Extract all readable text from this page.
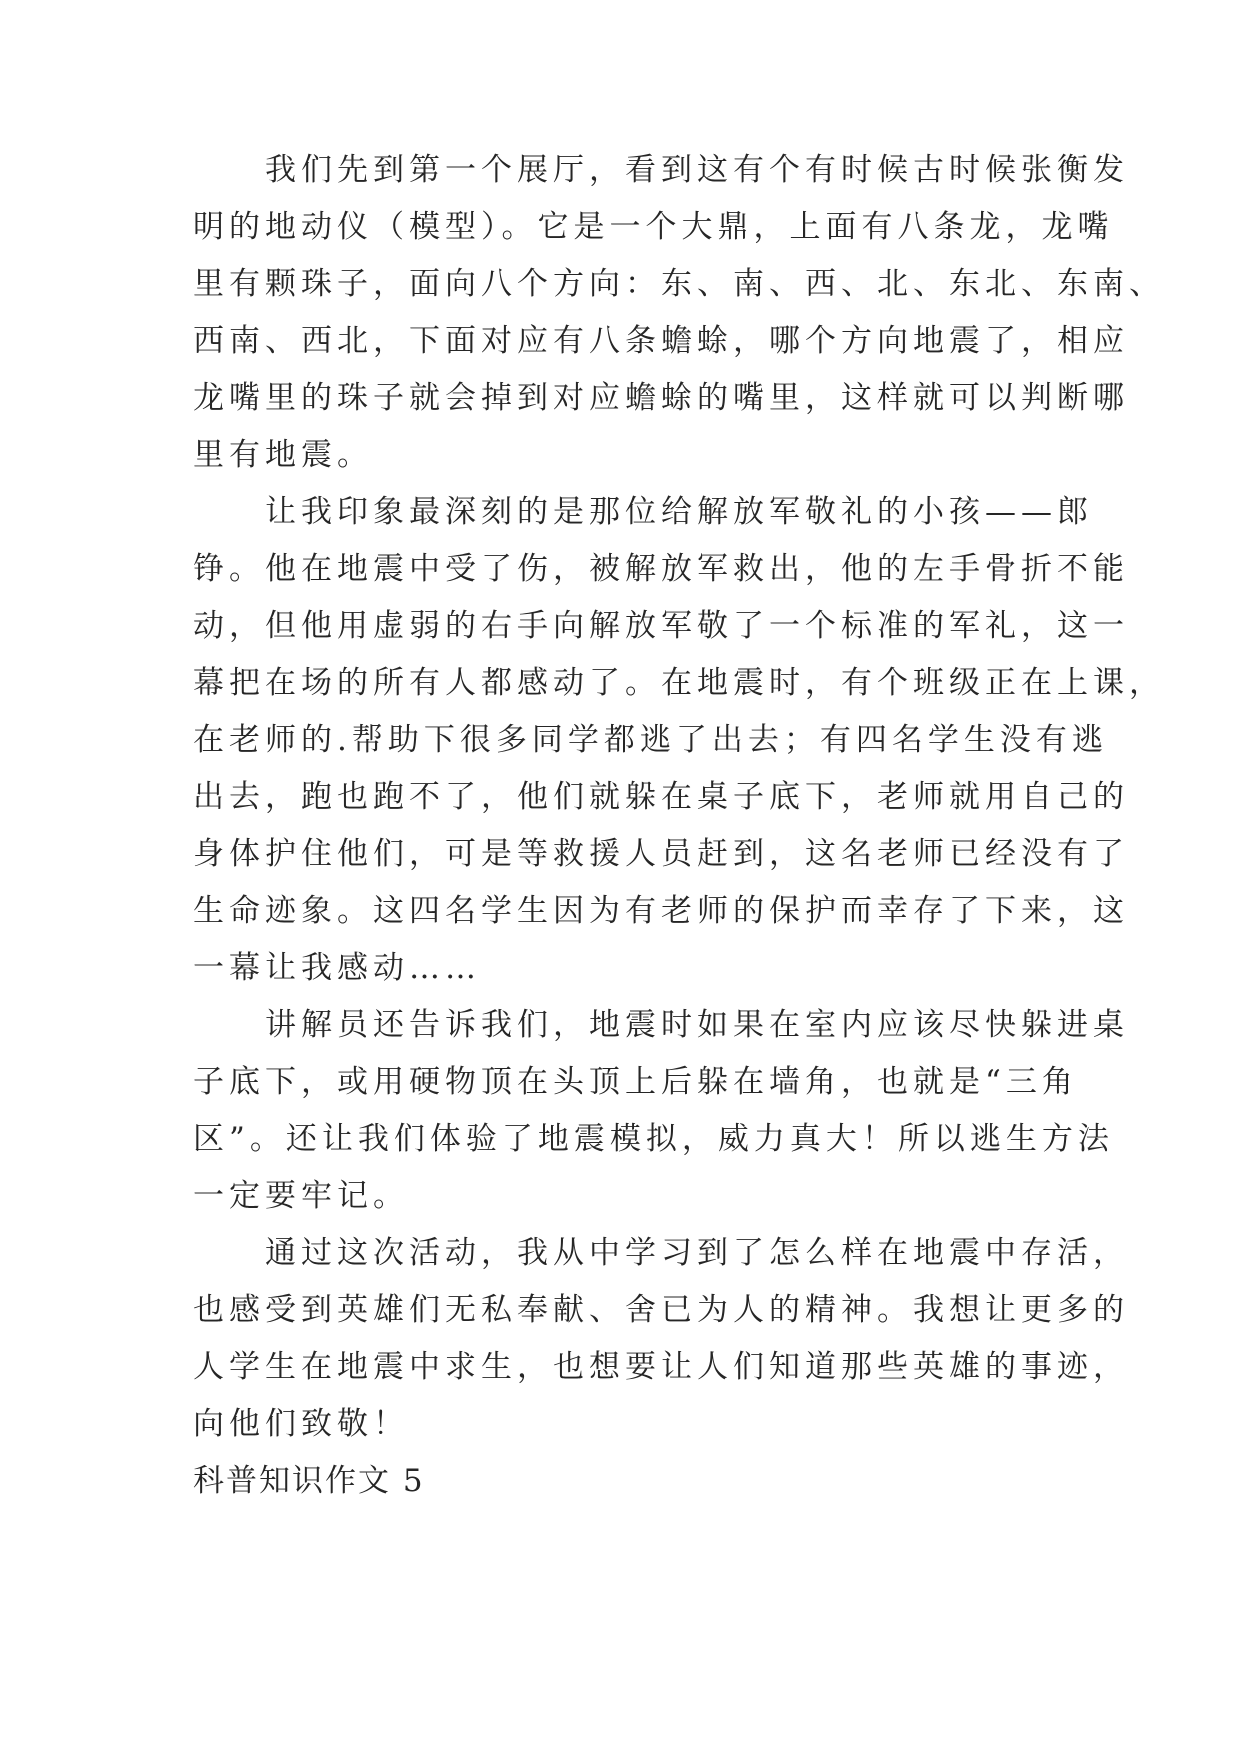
　　我们先到第一个展厅，看到这有个有时候古时候张衡发
明的地动仪（模型）。它是一个大鼎，上面有八条龙，龙嘴
里有颗珠子，面向八个方向：东、南、西、北、东北、东南、
西南、西北，下面对应有八条蟾蜍，哪个方向地震了，相应
龙嘴里的珠子就会掉到对应蟾蜍的嘴里，这样就可以判断哪
里有地震。
　　让我印象最深刻的是那位给解放军敬礼的小孩——郎
铮。他在地震中受了伤，被解放军救出，他的左手骨折不能
动，但他用虚弱的右手向解放军敬了一个标准的军礼，这一
幕把在场的所有人都感动了。在地震时，有个班级正在上课，
在老师的.帮助下很多同学都逃了出去；有四名学生没有逃
出去，跑也跑不了，他们就躲在桌子底下，老师就用自己的
身体护住他们，可是等救援人员赶到，这名老师已经没有了
生命迹象。这四名学生因为有老师的保护而幸存了下来，这
一幕让我感动……
　　讲解员还告诉我们，地震时如果在室内应该尽快躲进桌
子底下，或用硬物顶在头顶上后躲在墙角，也就是“三角
区”。还让我们体验了地震模拟，威力真大！所以逃生方法
一定要牢记。
　　通过这次活动，我从中学习到了怎么样在地震中存活，
也感受到英雄们无私奉献、舍已为人的精神。我想让更多的
人学生在地震中求生，也想要让人们知道那些英雄的事迹，
向他们致敬！
科普知识作文 5
